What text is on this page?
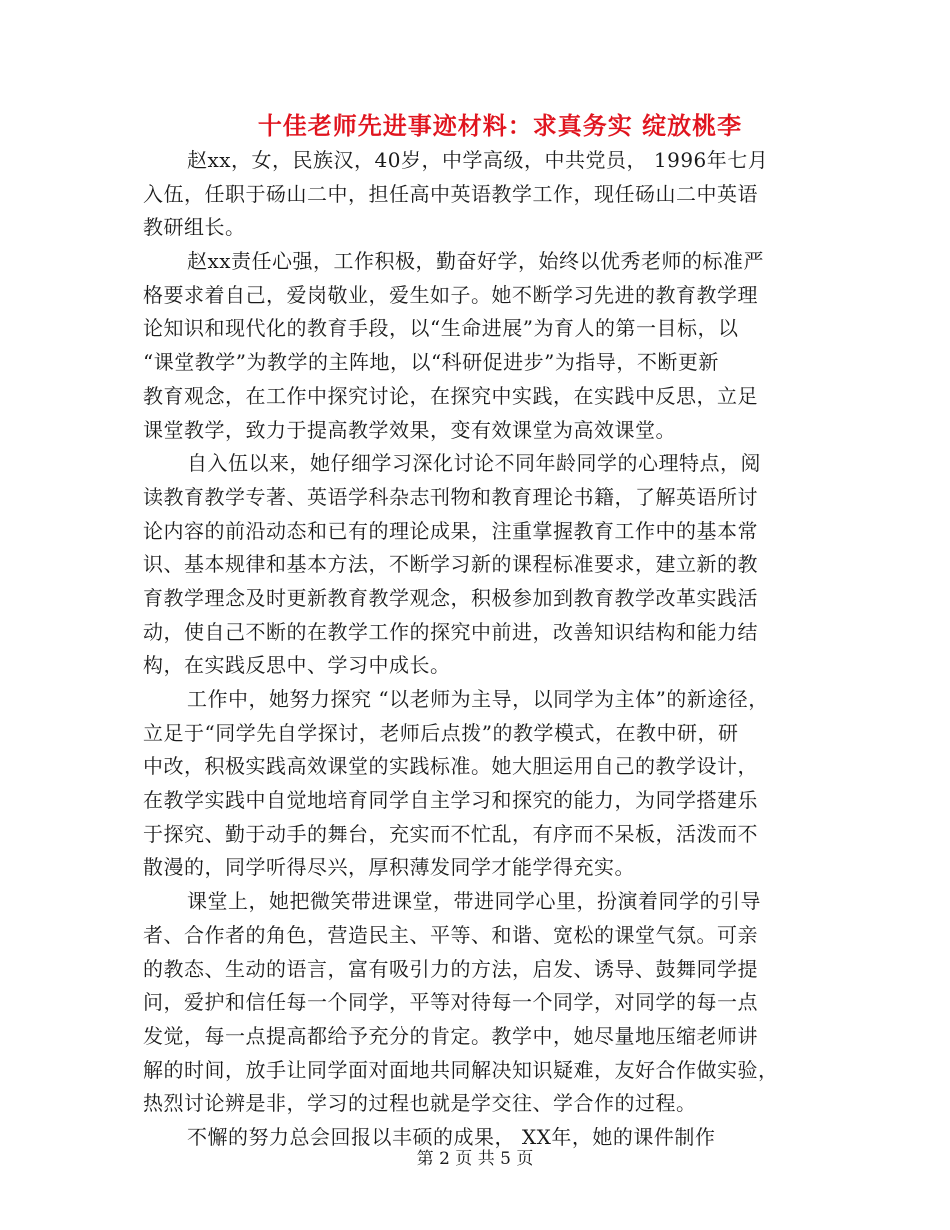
十佳老师先进事迹材料：求真务实 绽放桃李
赵xx，女，民族汉，40岁，中学高级，中共党员， 1996年七月
入伍，任职于砀山二中，担任高中英语教学工作，现任砀山二中英语
教研组长。
赵xx责任心强，工作积极，勤奋好学，始终以优秀老师的标准严
格要求着自己，爱岗敬业，爱生如子。她不断学习先进的教育教学理
论知识和现代化的教育手段，以“生命进展”为育人的第一目标，以
“课堂教学”为教学的主阵地，以“科研促进步”为指导，不断更新
教育观念，在工作中探究讨论，在探究中实践，在实践中反思，立足
课堂教学，致力于提高教学效果，变有效课堂为高效课堂。
自入伍以来，她仔细学习深化讨论不同年龄同学的心理特点，阅
读教育教学专著、英语学科杂志刊物和教育理论书籍，了解英语所讨
论内容的前沿动态和已有的理论成果，注重掌握教育工作中的基本常
识、基本规律和基本方法，不断学习新的课程标准要求，建立新的教
育教学理念及时更新教育教学观念，积极参加到教育教学改革实践活
动，使自己不断的在教学工作的探究中前进，改善知识结构和能力结
构，在实践反思中、学习中成长。
工作中，她努力探究 “以老师为主导，以同学为主体”的新途径，
立足于“同学先自学探讨，老师后点拨”的教学模式，在教中研，研
中改，积极实践高效课堂的实践标准。她大胆运用自己的教学设计，
在教学实践中自觉地培育同学自主学习和探究的能力，为同学搭建乐
于探究、勤于动手的舞台，充实而不忙乱，有序而不呆板，活泼而不
散漫的，同学听得尽兴，厚积薄发同学才能学得充实。
课堂上，她把微笑带进课堂，带进同学心里，扮演着同学的引导
者、合作者的角色，营造民主、平等、和谐、宽松的课堂气氛。可亲
的教态、生动的语言，富有吸引力的方法，启发、诱导、鼓舞同学提
问，爱护和信任每一个同学，平等对待每一个同学，对同学的每一点
发觉，每一点提高都给予充分的肯定。教学中，她尽量地压缩老师讲
解的时间，放手让同学面对面地共同解决知识疑难，友好合作做实验，
热烈讨论辨是非，学习的过程也就是学交往、学合作的过程。
不懈的努力总会回报以丰硕的成果， XX年，她的课件制作
第 2 页 共 5 页
